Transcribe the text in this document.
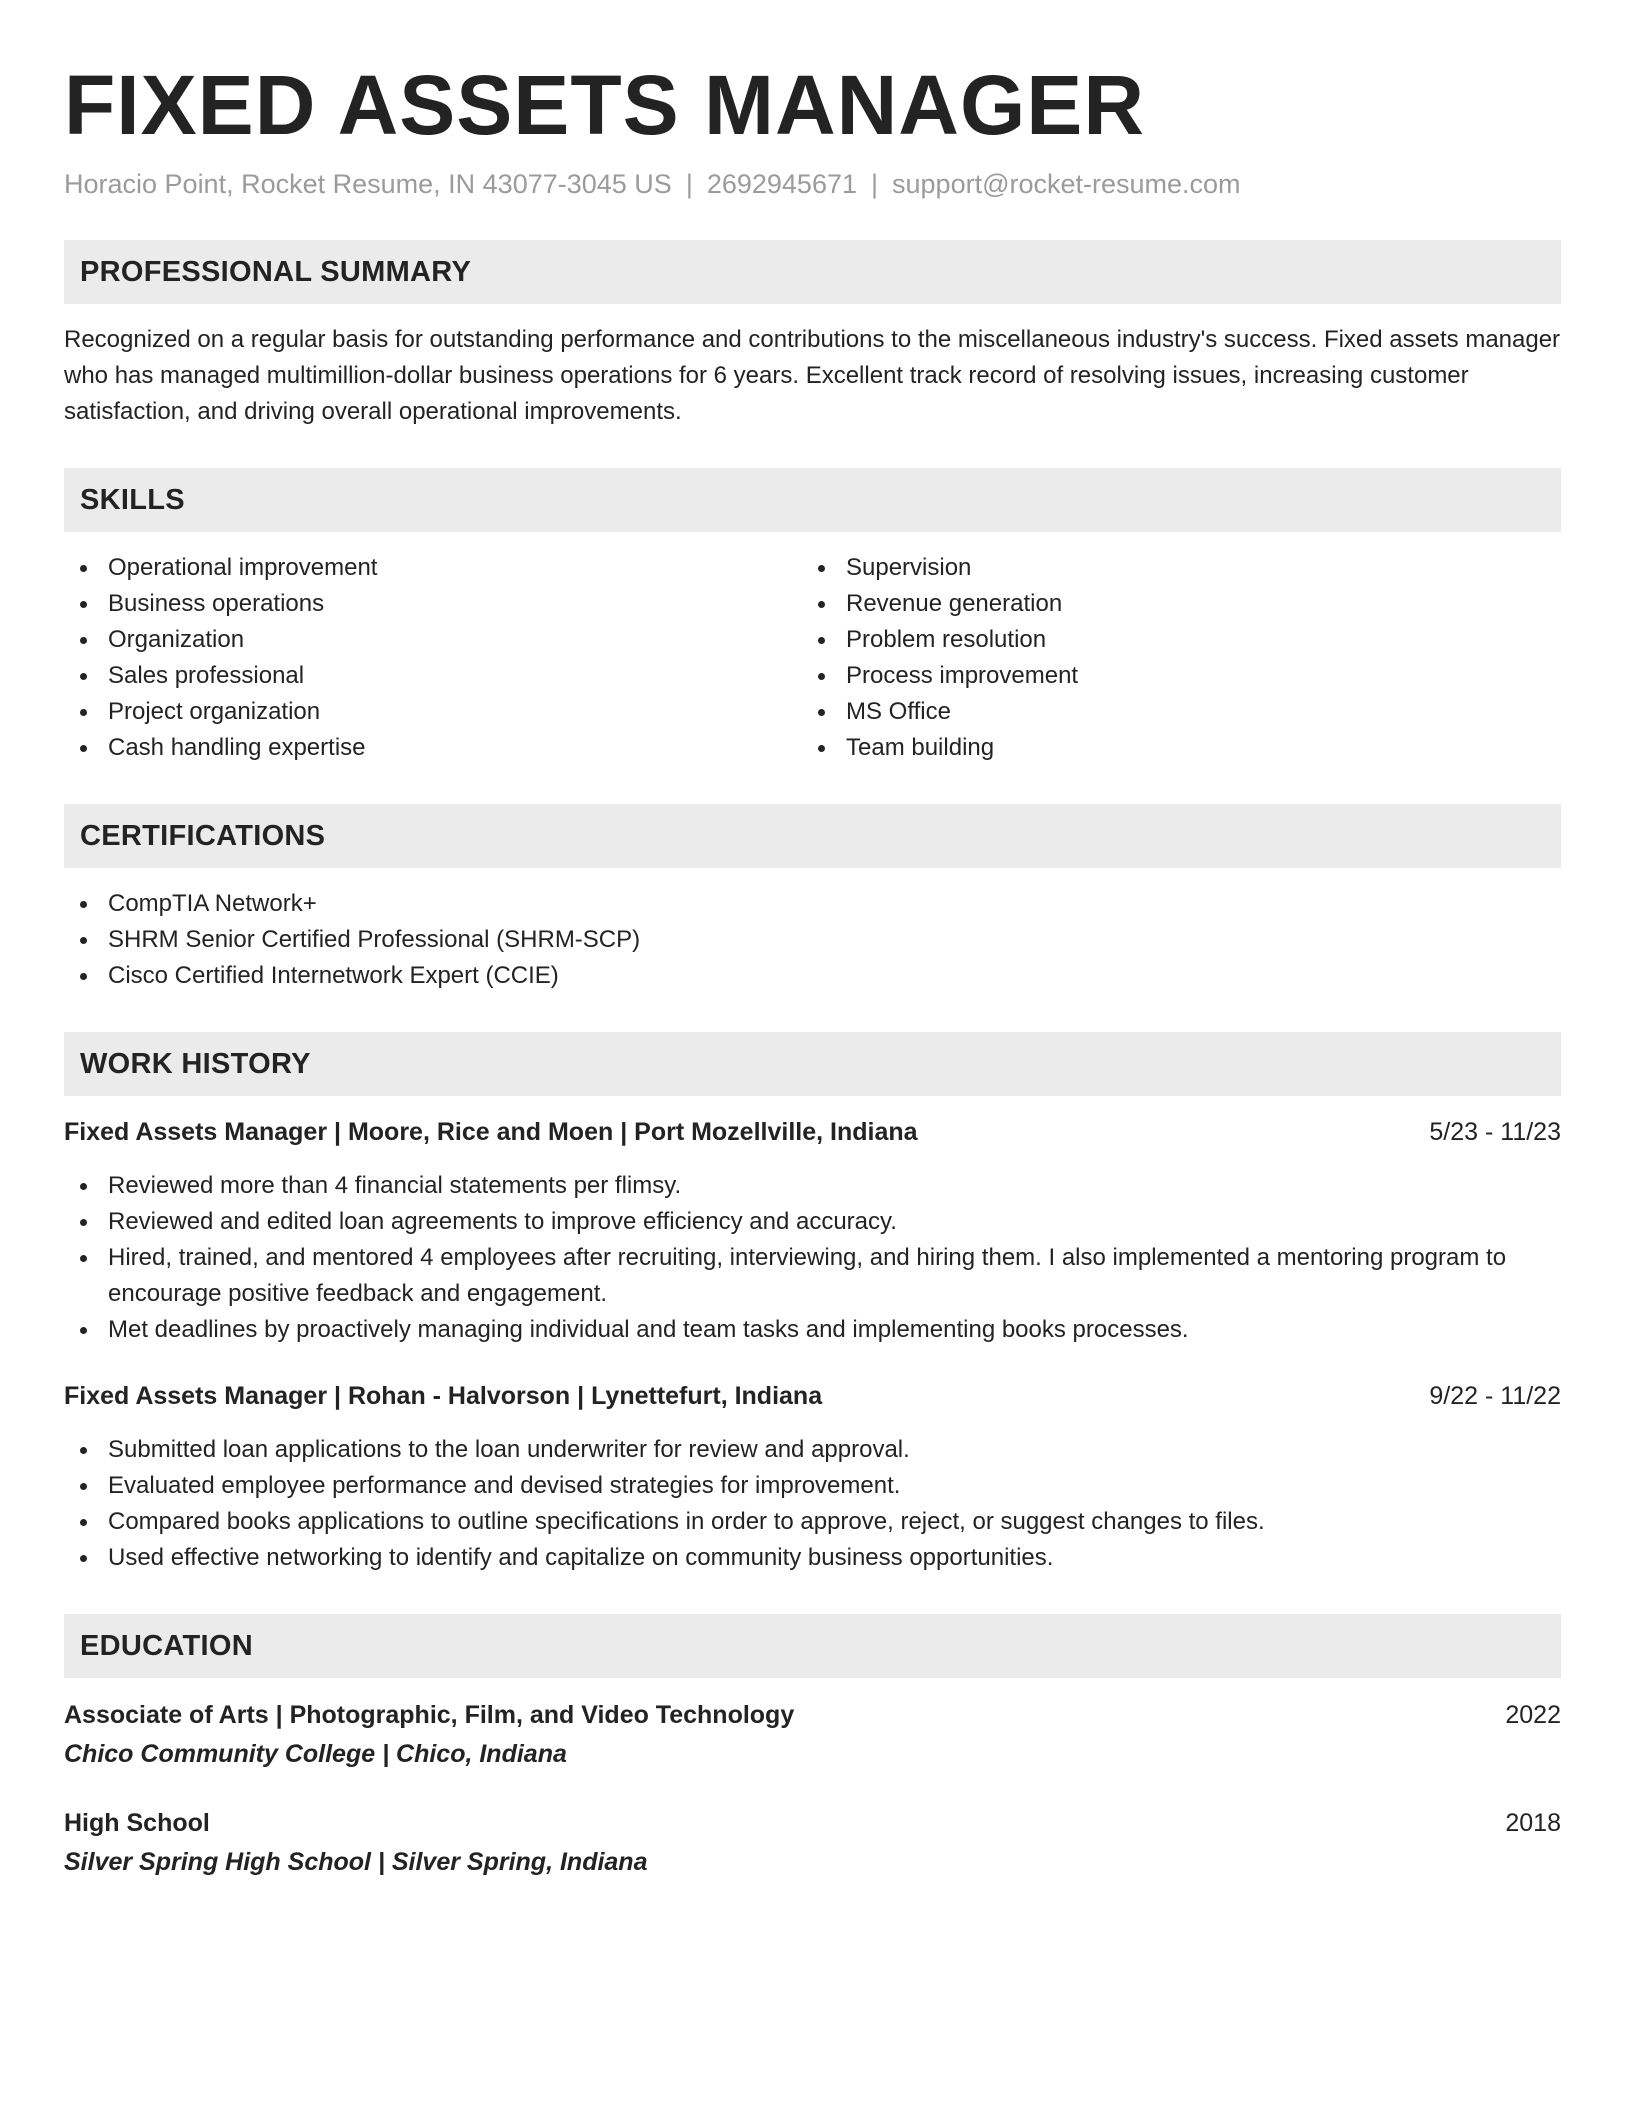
FIXED ASSETS MANAGER
Horacio Point, Rocket Resume, IN 43077-3045 US | 2692945671 | support@rocket-resume.com
PROFESSIONAL SUMMARY

Recognized on a regular basis for outstanding performance and contributions to the miscellaneous industry's success. Fixed assets manager who has managed multimillion-dollar business operations for 6 years. Excellent track record of resolving issues, increasing customer satisfaction, and driving overall operational improvements.

SKILLS
Operational improvement
Business operations
Organization
Sales professional
Project organization
Cash handling expertise
Supervision
Revenue generation
Problem resolution
Process improvement
MS Office
Team building
CERTIFICATIONS
CompTIA Network+
SHRM Senior Certified Professional (SHRM-SCP)
Cisco Certified Internetwork Expert (CCIE)
WORK HISTORY
Fixed Assets Manager | Moore, Rice and Moen | Port Mozellville, Indiana	5/23 - 11/23
Reviewed more than 4 financial statements per flimsy.
Reviewed and edited loan agreements to improve efficiency and accuracy.
Hired, trained, and mentored 4 employees after recruiting, interviewing, and hiring them. I also implemented a mentoring program to encourage positive feedback and engagement.
Met deadlines by proactively managing individual and team tasks and implementing books processes.
Fixed Assets Manager | Rohan - Halvorson | Lynettefurt, Indiana	9/22 - 11/22
Submitted loan applications to the loan underwriter for review and approval.
Evaluated employee performance and devised strategies for improvement.
Compared books applications to outline specifications in order to approve, reject, or suggest changes to files.
Used effective networking to identify and capitalize on community business opportunities.
EDUCATION
Associate of Arts | Photographic, Film, and Video Technology	2022
Chico Community College | Chico, Indiana
High School	2018
Silver Spring High School | Silver Spring, Indiana
